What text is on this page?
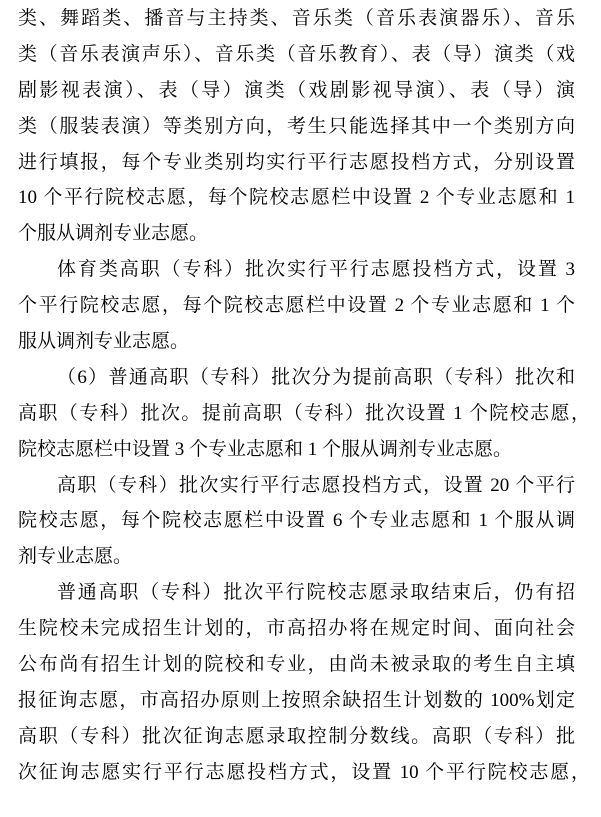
类、舞蹈类、播音与主持类、音乐类（音乐表演器乐）、音乐
类（音乐表演声乐）、音乐类（音乐教育）、表（导）演类（戏
剧影视表演）、表（导）演类（戏剧影视导演）、表（导）演
类（服装表演）等类别方向，考生只能选择其中一个类别方向
进行填报，每个专业类别均实行平行志愿投档方式，分别设置
10 个平行院校志愿，每个院校志愿栏中设置 2 个专业志愿和 1
个服从调剂专业志愿。
体育类高职（专科）批次实行平行志愿投档方式，设置 3
个平行院校志愿，每个院校志愿栏中设置 2 个专业志愿和 1 个
服从调剂专业志愿。
（6）普通高职（专科）批次分为提前高职（专科）批次和
高职（专科）批次。提前高职（专科）批次设置 1 个院校志愿，
院校志愿栏中设置 3 个专业志愿和 1 个服从调剂专业志愿。
高职（专科）批次实行平行志愿投档方式，设置 20 个平行
院校志愿，每个院校志愿栏中设置 6 个专业志愿和 1 个服从调
剂专业志愿。
普通高职（专科）批次平行院校志愿录取结束后，仍有招
生院校未完成招生计划的，市高招办将在规定时间、面向社会
公布尚有招生计划的院校和专业，由尚未被录取的考生自主填
报征询志愿，市高招办原则上按照余缺招生计划数的 100%划定
高职（专科）批次征询志愿录取控制分数线。高职（专科）批
次征询志愿实行平行志愿投档方式，设置 10 个平行院校志愿，
